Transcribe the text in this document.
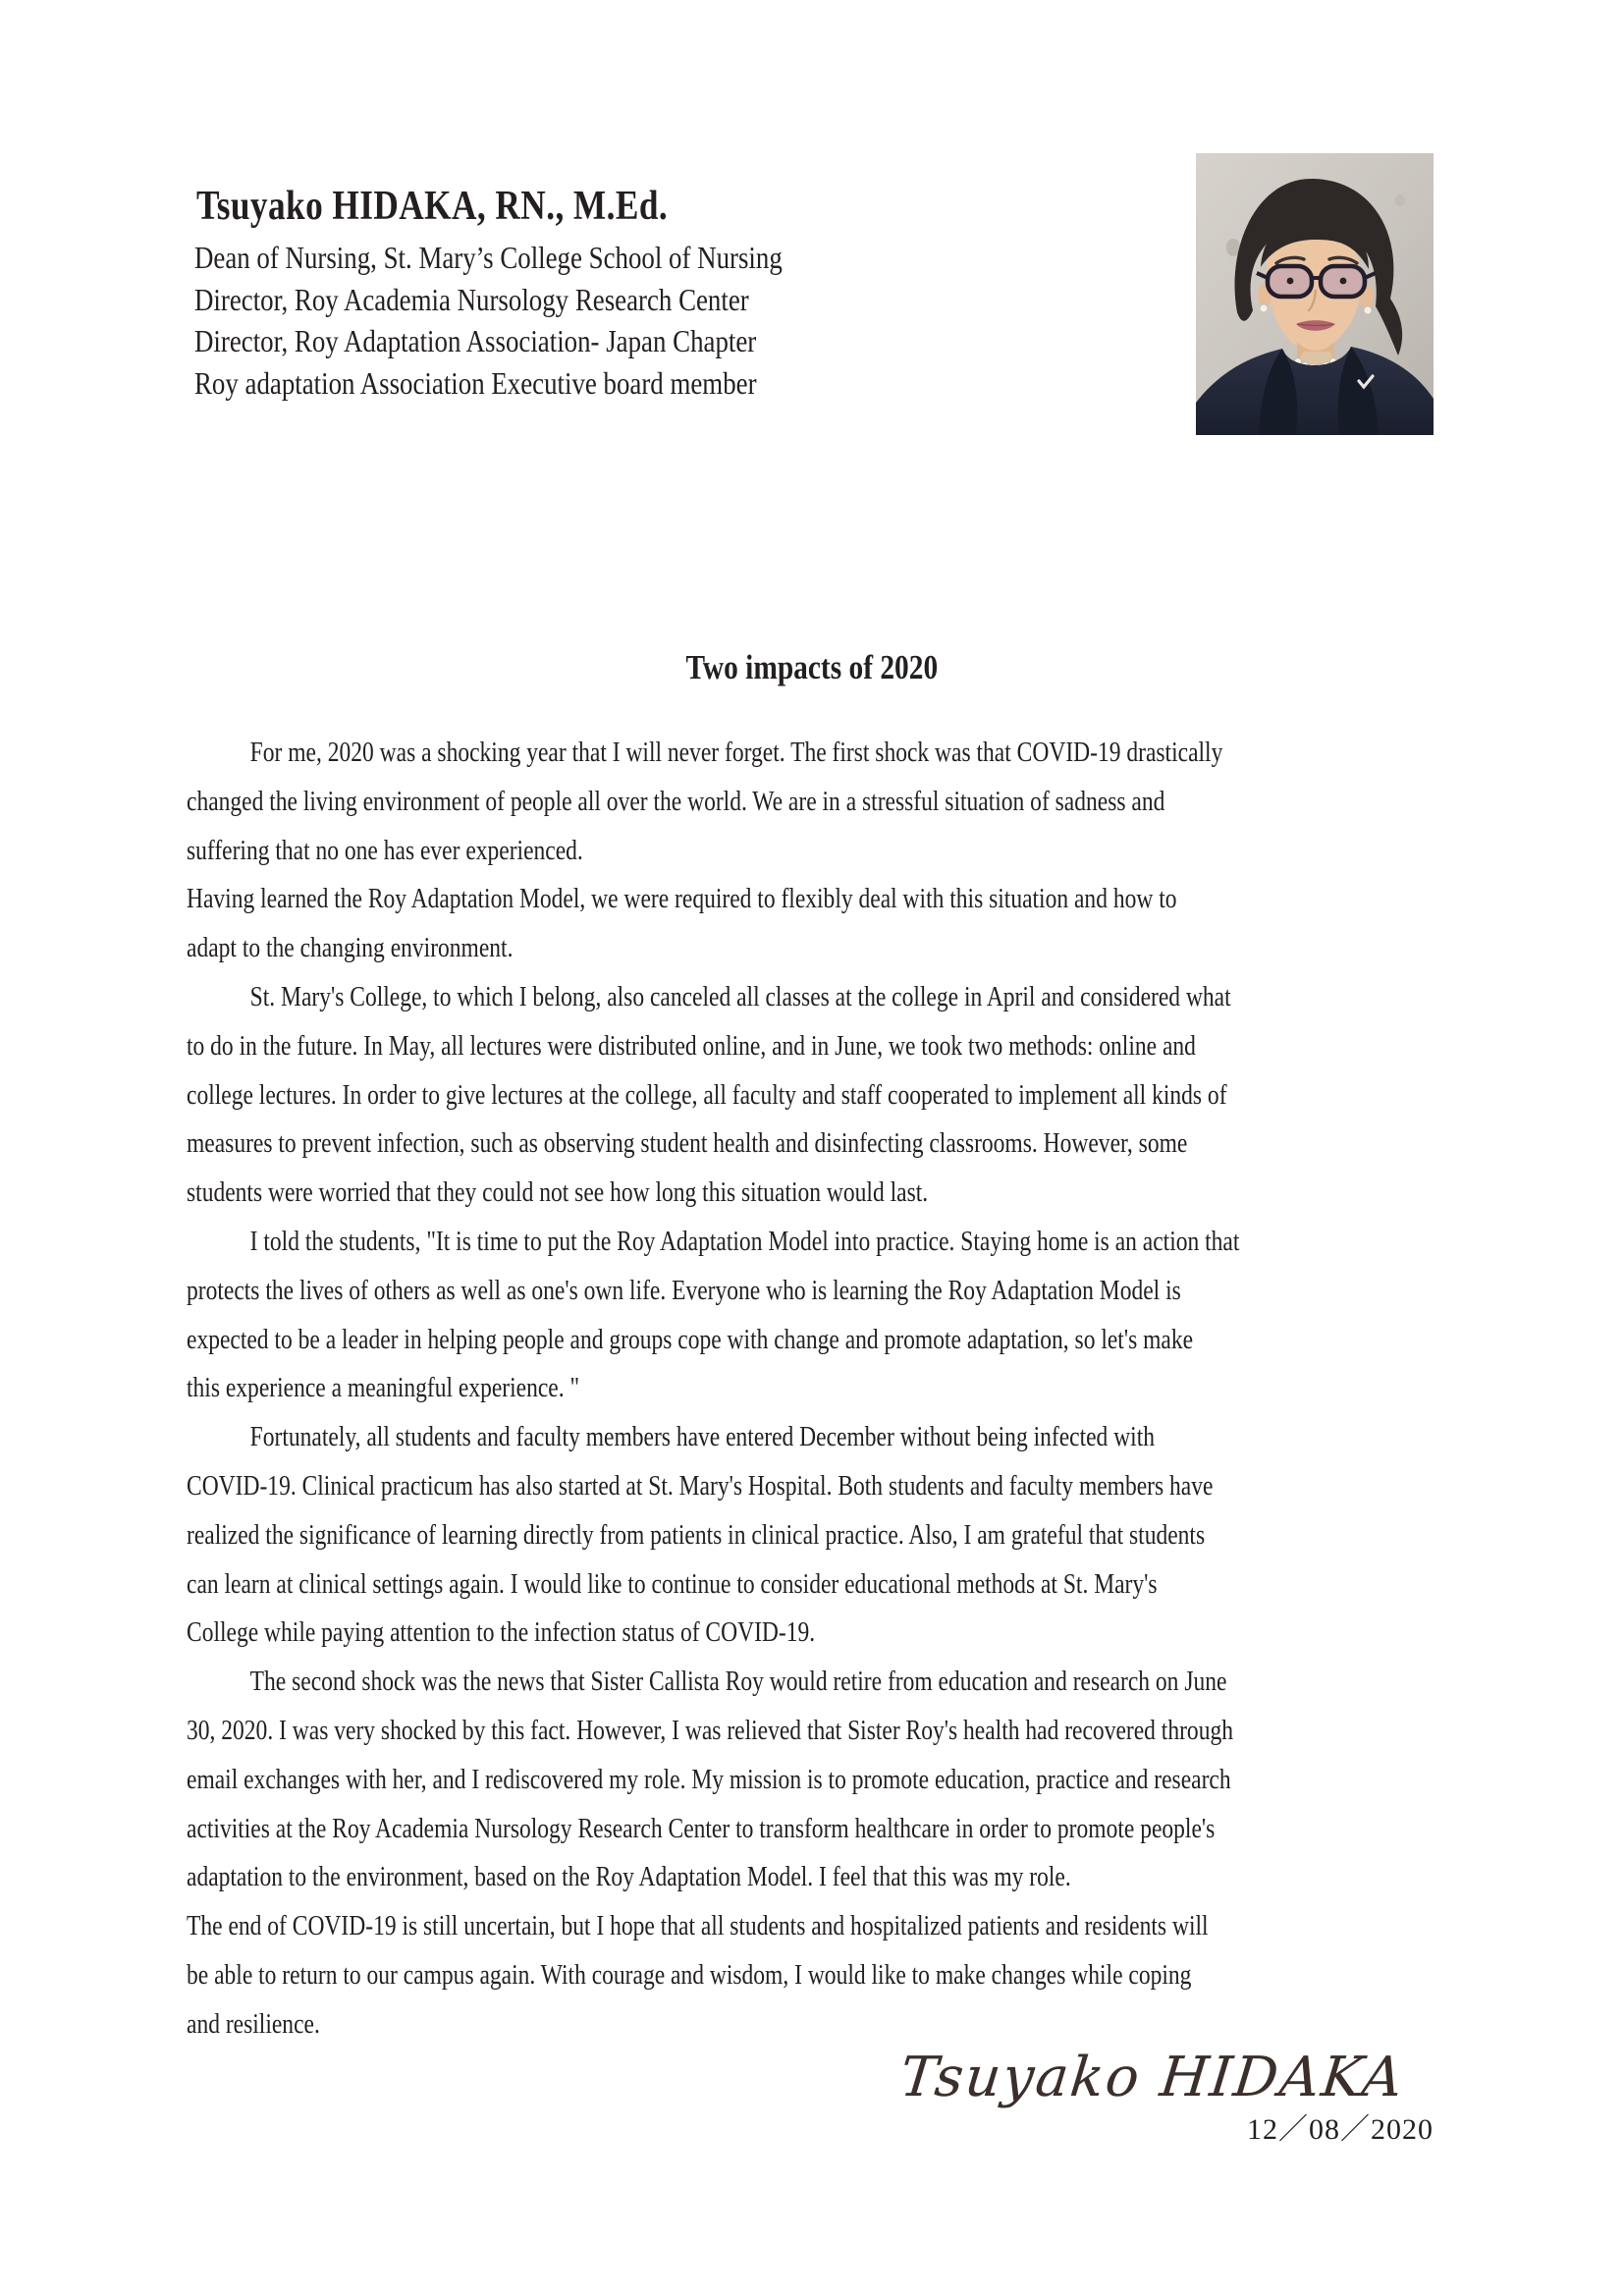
Tsuyako HIDAKA, RN., M.Ed.
Dean of Nursing, St. Mary’s College School of Nursing
Director, Roy Academia Nursology Research Center
Director, Roy Adaptation Association- Japan Chapter
Roy adaptation Association Executive board member
Two impacts of 2020
For me, 2020 was a shocking year that I will never forget. The first shock was that COVID-19 drastically
changed the living environment of people all over the world. We are in a stressful situation of sadness and
suffering that no one has ever experienced.
Having learned the Roy Adaptation Model, we were required to flexibly deal with this situation and how to
adapt to the changing environment.
St. Mary's College, to which I belong, also canceled all classes at the college in April and considered what
to do in the future. In May, all lectures were distributed online, and in June, we took two methods: online and
college lectures. In order to give lectures at the college, all faculty and staff cooperated to implement all kinds of
measures to prevent infection, such as observing student health and disinfecting classrooms. However, some
students were worried that they could not see how long this situation would last.
I told the students, "It is time to put the Roy Adaptation Model into practice. Staying home is an action that
protects the lives of others as well as one's own life. Everyone who is learning the Roy Adaptation Model is
expected to be a leader in helping people and groups cope with change and promote adaptation, so let's make
this experience a meaningful experience. "
Fortunately, all students and faculty members have entered December without being infected with
COVID-19. Clinical practicum has also started at St. Mary's Hospital. Both students and faculty members have
realized the significance of learning directly from patients in clinical practice. Also, I am grateful that students
can learn at clinical settings again. I would like to continue to consider educational methods at St. Mary's
College while paying attention to the infection status of COVID-19.
The second shock was the news that Sister Callista Roy would retire from education and research on June
30, 2020. I was very shocked by this fact. However, I was relieved that Sister Roy's health had recovered through
email exchanges with her, and I rediscovered my role. My mission is to promote education, practice and research
activities at the Roy Academia Nursology Research Center to transform healthcare in order to promote people's
adaptation to the environment, based on the Roy Adaptation Model. I feel that this was my role.
The end of COVID-19 is still uncertain, but I hope that all students and hospitalized patients and residents will
be able to return to our campus again. With courage and wisdom, I would like to make changes while coping
and resilience.
Tsuyako HIDAKA
12／08／2020
